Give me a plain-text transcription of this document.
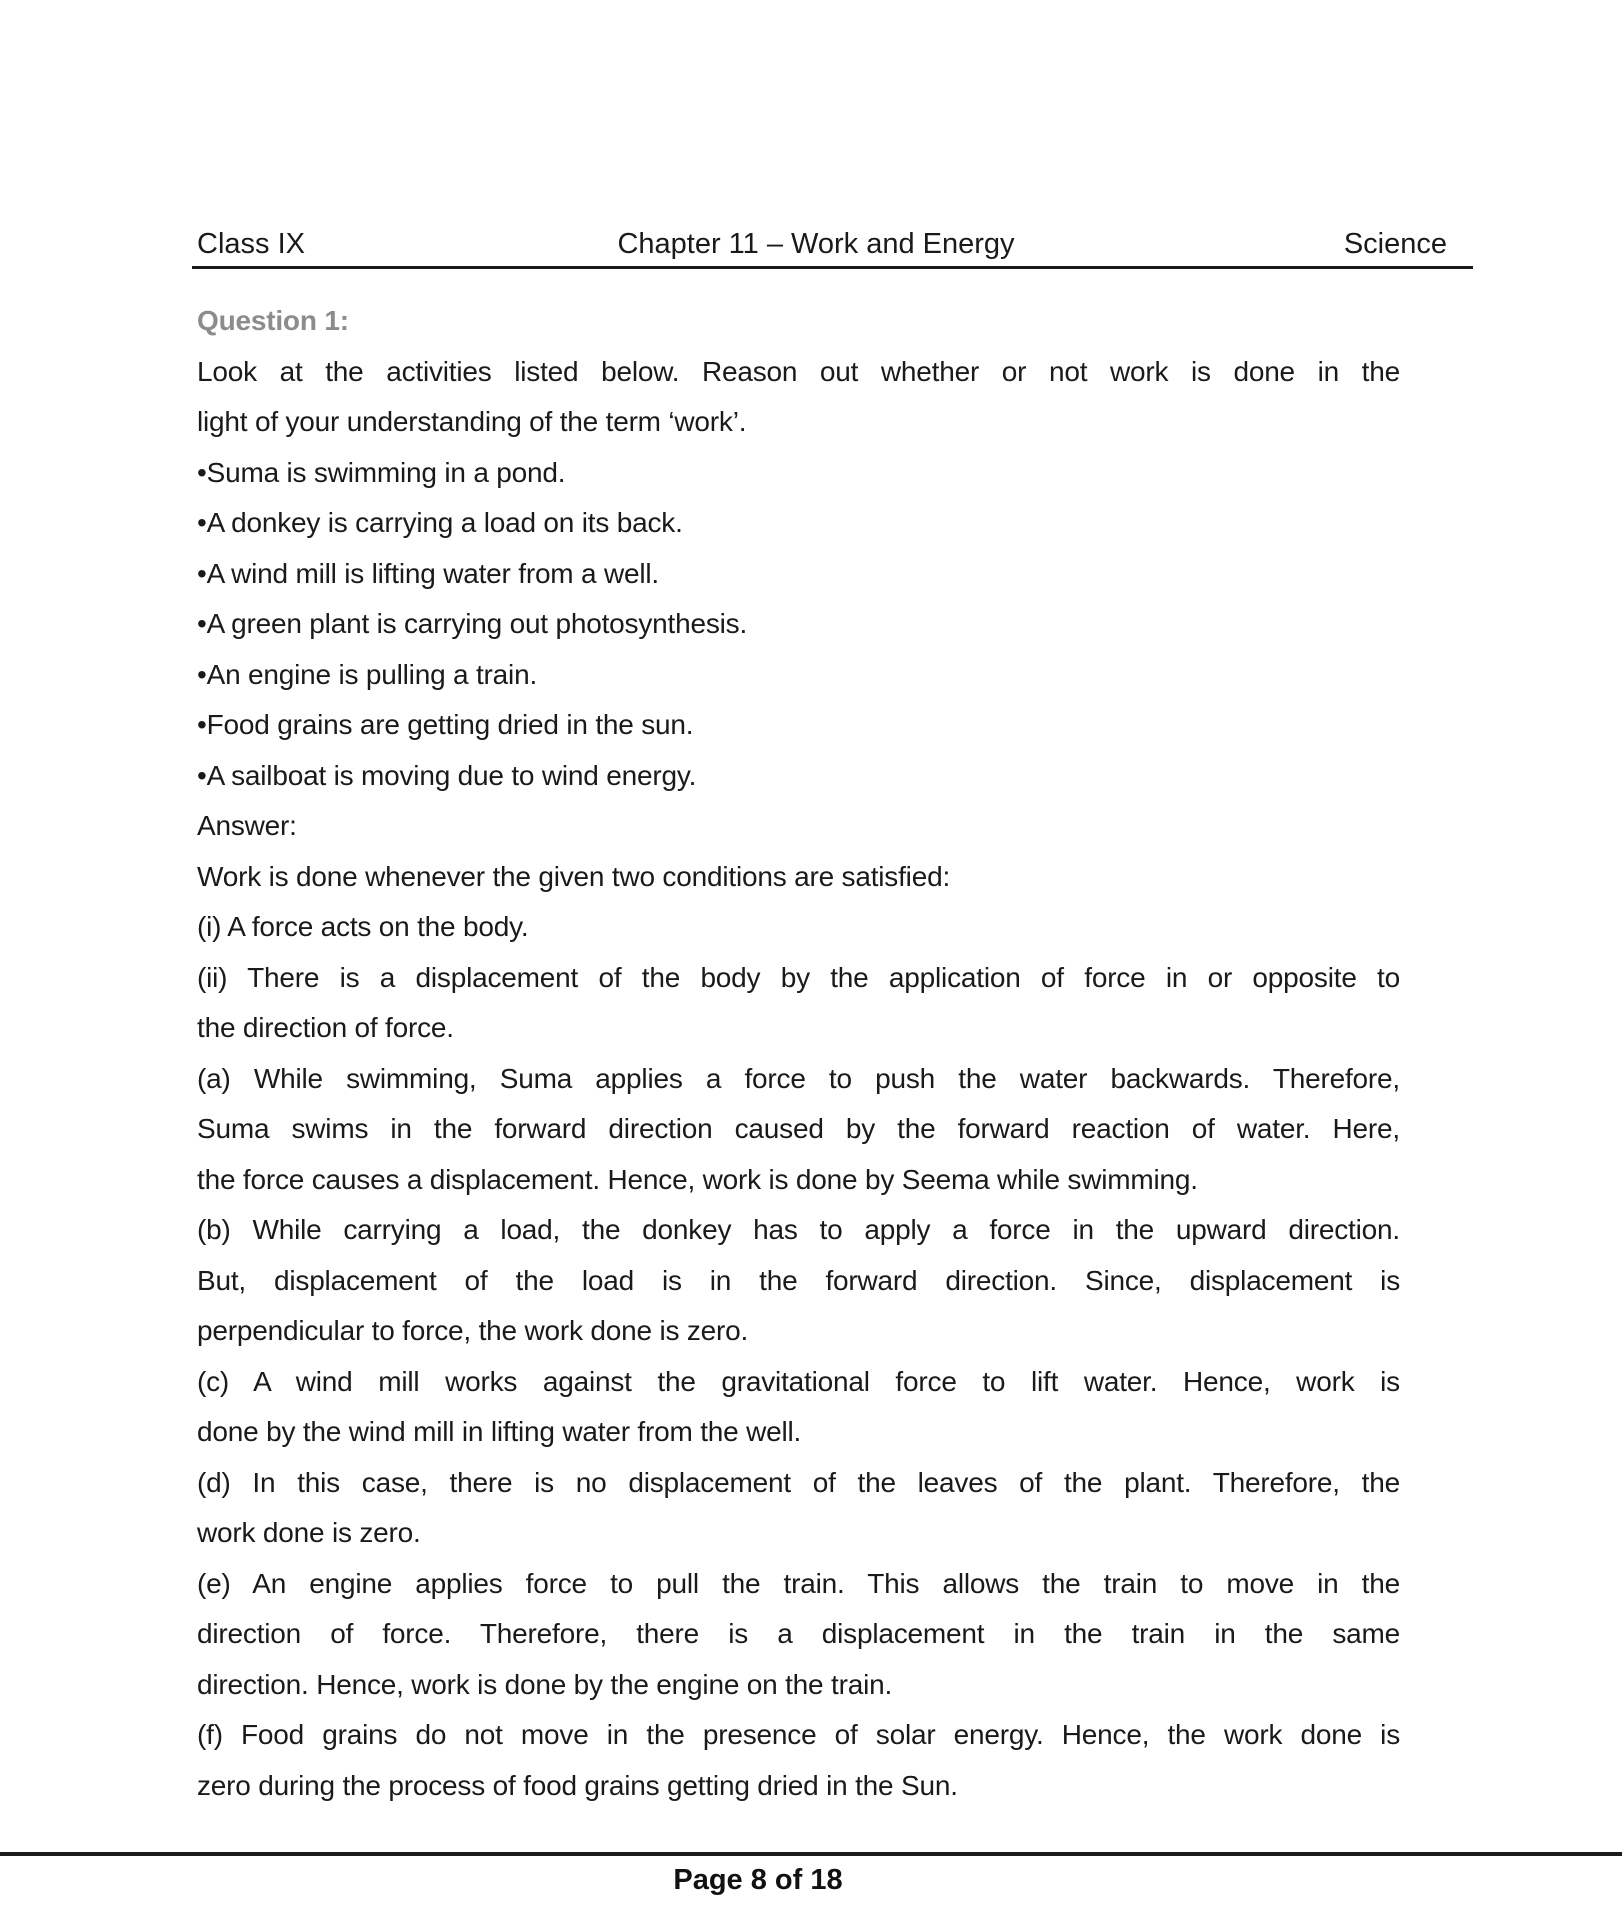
Class IX	Chapter 11 – Work and Energy	Science
Question 1:
Look at the activities listed below. Reason out whether or not work is done in the
light of your understanding of the term ‘work’.
•Suma is swimming in a pond.
•A donkey is carrying a load on its back.
•A wind mill is lifting water from a well.
•A green plant is carrying out photosynthesis.
•An engine is pulling a train.
•Food grains are getting dried in the sun.
•A sailboat is moving due to wind energy.
Answer:
Work is done whenever the given two conditions are satisfied:
(i) A force acts on the body.
(ii) There is a displacement of the body by the application of force in or opposite to
the direction of force.
(a) While swimming, Suma applies a force to push the water backwards. Therefore,
Suma swims in the forward direction caused by the forward reaction of water. Here,
the force causes a displacement. Hence, work is done by Seema while swimming.
(b) While carrying a load, the donkey has to apply a force in the upward direction.
But, displacement of the load is in the forward direction. Since, displacement is
perpendicular to force, the work done is zero.
(c) A wind mill works against the gravitational force to lift water. Hence, work is
done by the wind mill in lifting water from the well.
(d) In this case, there is no displacement of the leaves of the plant. Therefore, the
work done is zero.
(e) An engine applies force to pull the train. This allows the train to move in the
direction of force. Therefore, there is a displacement in the train in the same
direction. Hence, work is done by the engine on the train.
(f) Food grains do not move in the presence of solar energy. Hence, the work done is
zero during the process of food grains getting dried in the Sun.
Page 8 of 18
